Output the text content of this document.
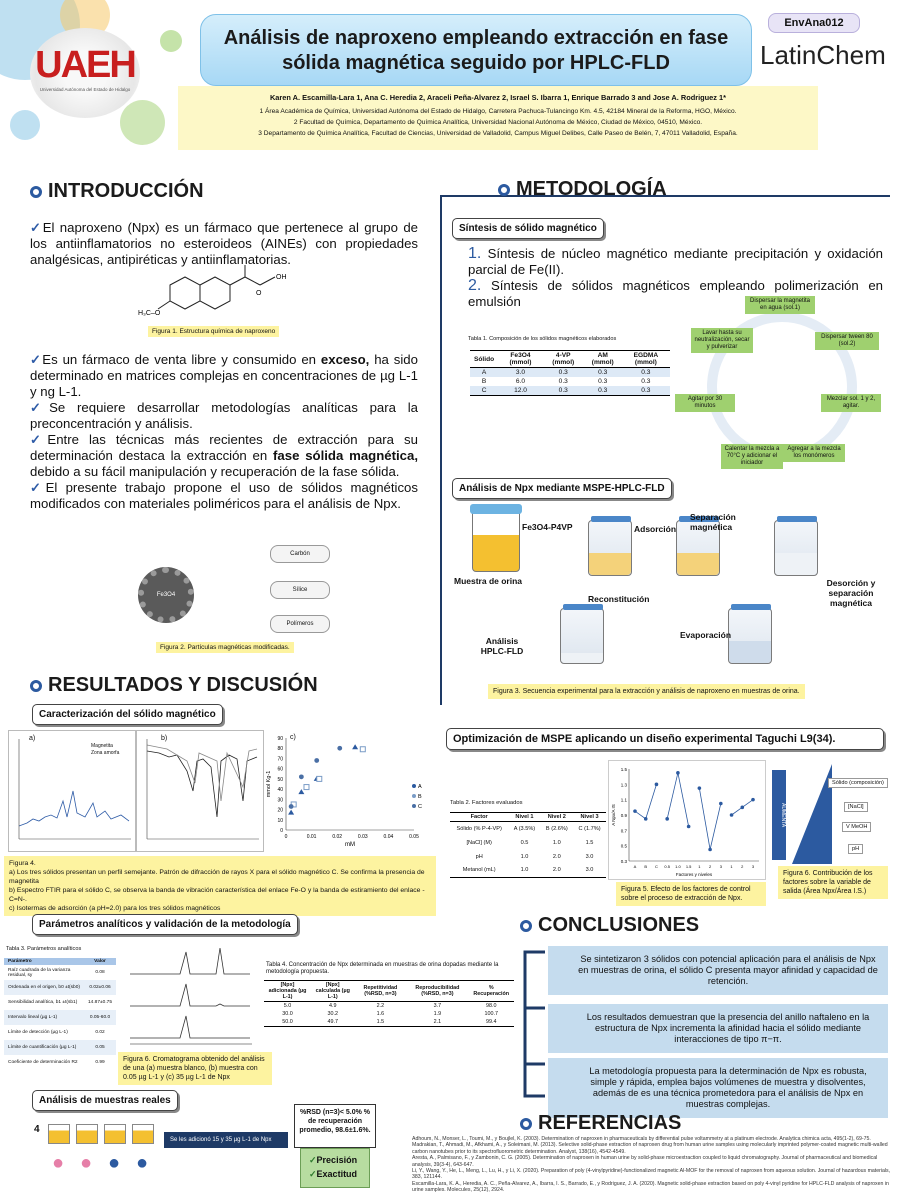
UAEH
Universidad Autónoma del Estado de Hidalgo
EnvAna012
LatinChem
Análisis de naproxeno empleando extracción en fase sólida magnética seguido por HPLC-FLD
Karen A. Escamilla-Lara 1, Ana C. Heredia 2, Araceli Peña-Alvarez 2, Israel S. Ibarra 1, Enrique Barrado 3 and Jose A. Rodriguez 1*
1 Área Académica de Química, Universidad Autónoma del Estado de Hidalgo, Carretera Pachuca-Tulancingo Km. 4.5, 42184 Mineral de la Reforma, HGO, México.
2 Facultad de Química, Departamento de Química Analítica, Universidad Nacional Autónoma de México, Ciudad de México, 04510, México.
3 Departamento de Química Analítica, Facultad de Ciencias, Universidad de Valladolid, Campus Miguel Delibes, Calle Paseo de Belén, 7, 47011 Valladolid, España.
INTRODUCCIÓN
✓El naproxeno (Npx) es un fármaco que pertenece al grupo de los antiinflamatorios no esteroideos (AINEs) con propiedades analgésicas, antipiréticas y antiinflamatorias.
H₃C–O
OH
O
Figura 1. Estructura química de naproxeno
✓Es un fármaco de venta libre y consumido en exceso, ha sido determinado en matrices complejas en concentraciones de µg L-1 y ng L-1.
✓Se requiere desarrollar metodologías analíticas para la preconcentración y análisis.
✓Entre las técnicas más recientes de extracción para su determinación destaca la extracción en fase sólida magnética, debido a su fácil manipulación y recuperación de la fase sólida.
✓El presente trabajo propone el uso de sólidos magnéticos modificados con materiales poliméricos para el análisis de Npx.
Fe3O4
Carbón
Sílice
Polímeros
Figura 2. Partículas magnéticas modificadas.
METODOLOGÍA
Síntesis de sólido magnético
1. Síntesis de núcleo magnético mediante precipitación y oxidación parcial de Fe(II).
2. Síntesis de sólidos magnéticos empleando polimerización en emulsión
Tabla 1. Composición de los sólidos magnéticos elaborados
Sólido	Fe3O4 (mmol)	4-VP (mmol)	AM (mmol)	EGDMA (mmol)
A	3.0	0.3	0.3	0.3
B	6.0	0.3	0.3	0.3
C	12.0	0.3	0.3	0.3
Dispersar la magnetita en agua (sol.1)
Dispersar tween 80 (sol.2)
Mezclar sol. 1 y 2, agitar.
Agregar a la mezcla los monómeros
Calentar la mezcla a 70°C y adicionar el iniciador
Agitar por 30 minutos
Lavar hasta su neutralización, secar y pulverizar
Análisis de Npx mediante MSPE-HPLC-FLD
Muestra de orina
Fe3O4-P4VP	Adsorción
Separación magnética
Desorción y separación magnética
Evaporación
Reconstitución
Análisis HPLC-FLD
Figura 3. Secuencia experimental para la extracción y análisis de naproxeno en muestras de orina.
RESULTADOS Y DISCUSIÓN
Caracterización del sólido magnético
a)
Magnetita
Zona amorfa
b)	c)
0
10
20
30
40
50
60
70
80
90
0	0.01	0.02	0.03	0.04	0.05
mM
mmol Kg-1	A
B
C
Figura 4.
a) Los tres sólidos presentan un perfil semejante. Patrón de difracción de rayos X para el sólido magnético C. Se confirma la presencia de magnetita
b) Espectro FTIR para el sólido C, se observa la banda de vibración característica del enlace Fe-O y la banda de estiramiento del enlace -C=N-.
c) Isotermas de adsorción (a pH=2.0) para los tres sólidos magnéticos
Parámetros analíticos y validación de la metodología
Tabla 3. Parámetros analíticos
Parámetro	Valor
Raíz cuadrada de la varianza residual, sy	0.08
Ordenada en el origen, b0 ±t(sb0)	0.02±0.06
Sensibilidad analítica, b1 ±t(sb1)	14.87±0.75
Intervalo lineal (µg L-1)	0.05-60.0
Límite de detección (µg L-1)	0.02
Límite de cuantificación (µg L-1)	0.05
Coeficiente de determinación R2	0.99	Figura 6. Cromatograma obtenido del análisis de una (a) muestra blanco, (b) muestra con 0.05 µg L-1 y (c) 35 µg L-1 de Npx
Tabla 4. Concentración de Npx determinada en muestras de orina dopadas mediante la metodología propuesta.
[Npx] adicionada (µg L-1)	[Npx] calculada (µg L-1)	Repetitividad (%RSD, n=3)	Reproducibilidad (%RSD, n=3)	% Recuperación
5.0	4.9	2.2	3.7	98.0
30.0	30.2	1.6	1.9	100.7
50.0	49.7	1.5	2.1	99.4
Análisis de muestras reales
4
● ● ● ●
Se les adicionó 15 y 35 µg L-1 de Npx
%RSD (n=3)< 5.0% % de recuperación promedio, 98.6±1.6%.
✓Precisión
✓Exactitud
Optimización de MSPE aplicando un diseño experimental Taguchi L9(34).
Tabla 2. Factores evaluados
Factor	Nivel 1	Nivel 2	Nivel 3
Sólido (% P-4-VP)	A (3.5%)	B (2.6%)	C (1.7%)
[NaCl] (M)	0.5	1.0	1.5
pH	1.0	2.0	3.0
Metanol (mL)	1.0	2.0	3.0
0.3
0.5
0.7
0.9
1.1
1.3
1.5
A Npx/A IS
A B C 0.5 1.0 1.5 1 2 3 1 2 3
Factores y niveles
Figura 5. Efecto de los factores de control sobre el proceso de extracción de Npx.
AUMENTA
Sólido (composición)
[NaCl]
V MeOH
pH
Figura 6. Contribución de los factores sobre la variable de salida (Área Npx/Área I.S.)
CONCLUSIONES
Se sintetizaron 3 sólidos con potencial aplicación para el análisis de Npx en muestras de orina, el sólido C presenta mayor afinidad y capacidad de retención.
Los resultados demuestran que la presencia del anillo naftaleno en la estructura de Npx incrementa la afinidad hacia el sólido mediante interacciones de tipo π−π.
La metodología propuesta para la determinación de Npx es robusta, simple y rápida, emplea bajos volúmenes de muestra y disolventes, además de es una técnica prometedora para el análisis de Npx en muestras complejas.
REFERENCIAS
Adhoum, N., Monser, L., Toumi, M., y Boujlel, K. (2003). Determination of naproxen in pharmaceuticals by differential pulse voltammetry at a platinum electrode. Analytica chimica acta, 495(1-2), 69-75.
Madrakian, T., Ahmadi, M., Afkhami, A., y Soleimani, M. (2013). Selective solid-phase extraction of naproxen drug from human urine samples using molecularly imprinted polymer-coated magnetic multi-walled carbon nanotubes prior to its spectrofluorometric determination. Analyst, 138(16), 4542-4549.
Aresta, A., Palmisano, F., y Zambonin, C. G. (2005). Determination of naproxen in human urine by solid-phase microextraction coupled to liquid chromatography. Journal of pharmaceutical and biomedical analysis, 39(3-4), 643-647.
Li, Y., Wang, Y., He, L., Meng, L., Lu, H., y Li, X. (2020). Preparation of poly (4-vinylpyridine)-functionalized magnetic Al-MOF for the removal of naproxen from aqueous solution. Journal of hazardous materials, 383, 121144.
Escamilla-Lara, K. A., Heredia, A. C., Peña-Alvarez, A., Ibarra, I. S., Barrado, E., y Rodriguez, J. A. (2020). Magnetic solid-phase extraction based on poly 4-vinyl pyridine for HPLC-FLD analysis of naproxen in urine samples. Molecules, 25(12), 2924.
